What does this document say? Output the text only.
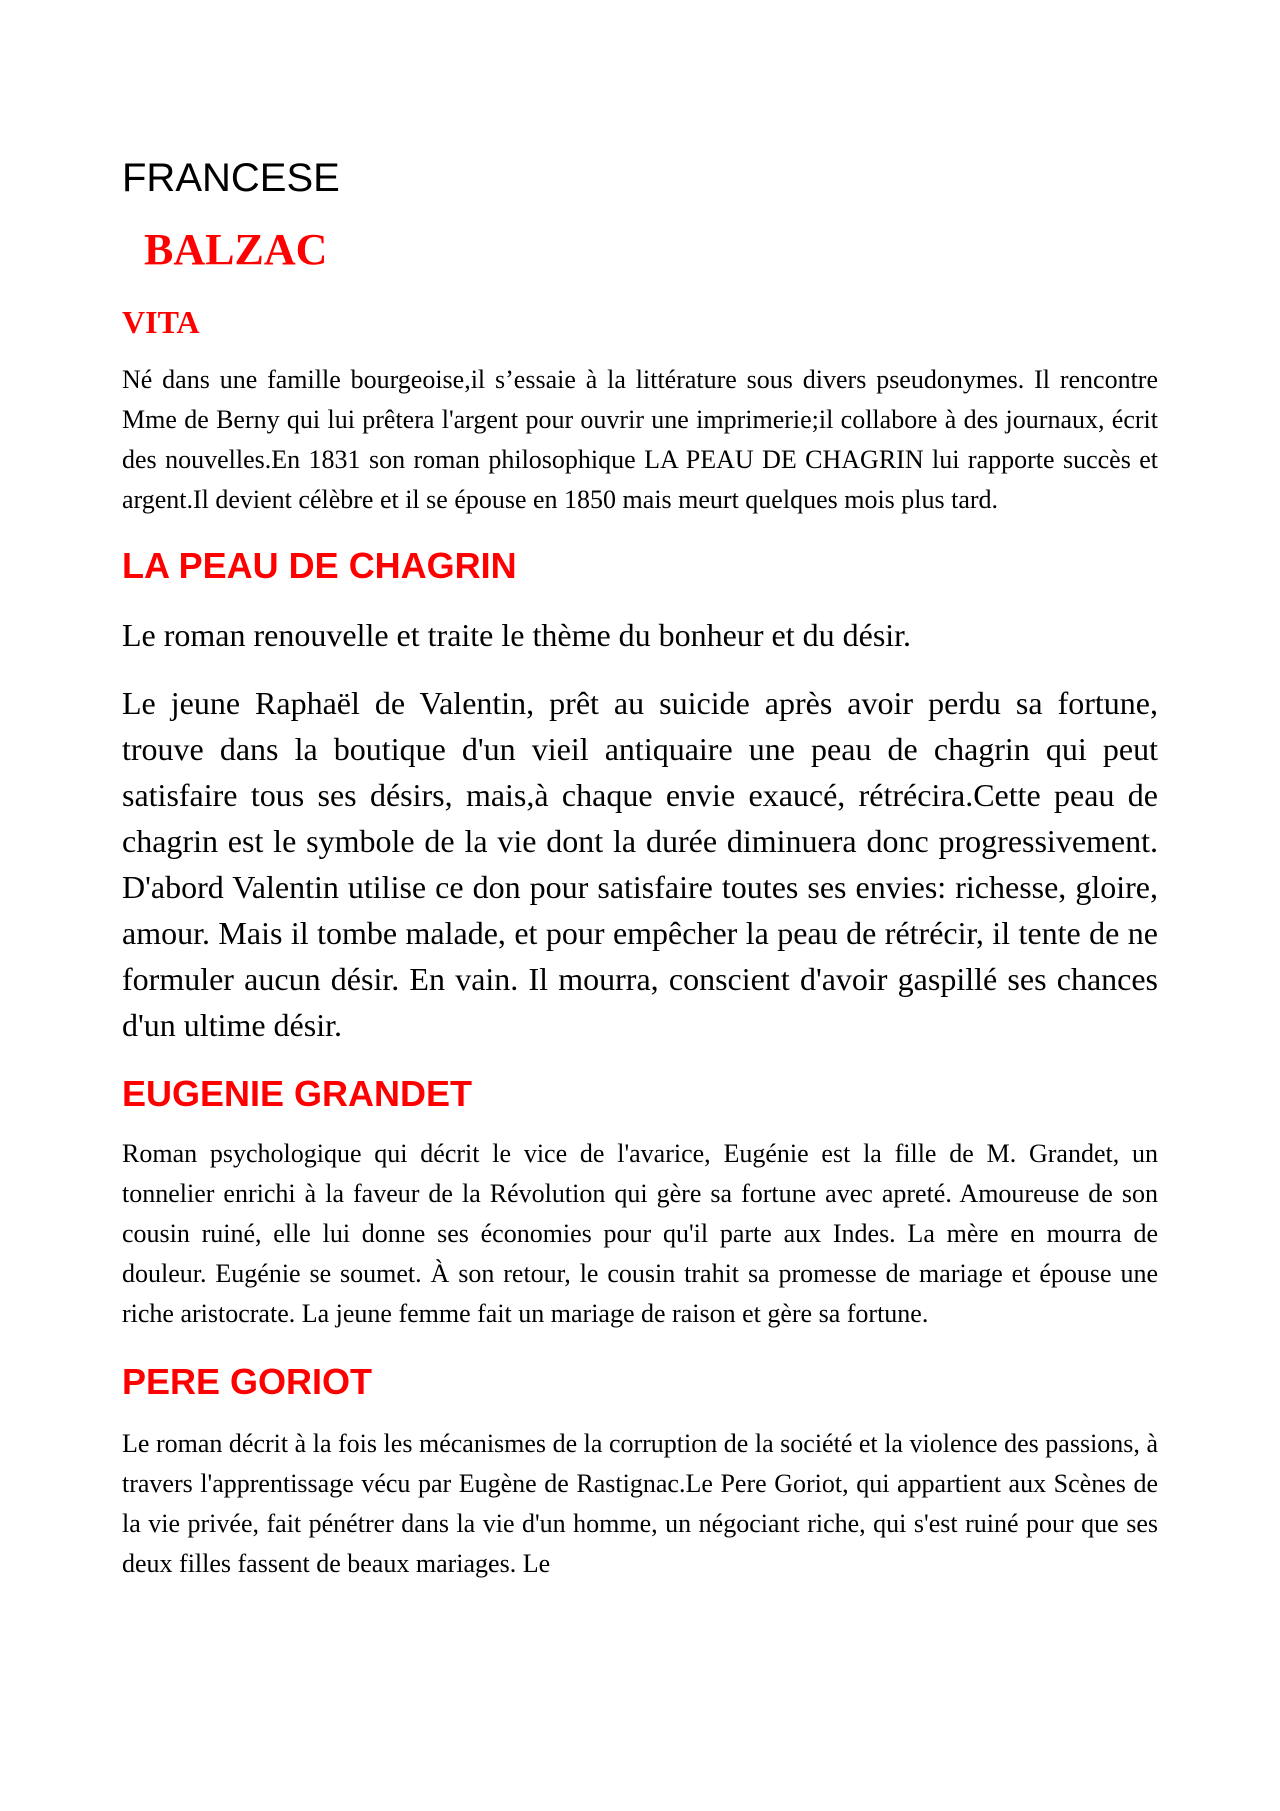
FRANCESE
BALZAC
VITA

Né dans une famille bourgeoise,il s’essaie à la littérature sous divers pseudonymes. Il rencontre Mme de Berny qui lui prêtera l'argent pour ouvrir une imprimerie;il collabore à des journaux, écrit des nouvelles.En 1831 son roman philosophique LA PEAU DE CHAGRIN lui rapporte succès et argent.Il devient célèbre et il se épouse en 1850 mais meurt quelques mois plus tard.

LA PEAU DE CHAGRIN

Le roman renouvelle et traite le thème du bonheur et du désir.

Le jeune Raphaël de Valentin, prêt au suicide après avoir perdu sa fortune, trouve dans la boutique d'un vieil antiquaire une peau de chagrin qui peut satisfaire tous ses désirs, mais,à chaque envie exaucé, rétrécira.Cette peau de chagrin est le symbole de la vie dont la durée diminuera donc progressivement. D'abord Valentin utilise ce don pour satisfaire toutes ses envies: richesse, gloire, amour. Mais il tombe malade, et pour empêcher la peau de rétrécir, il tente de ne formuler aucun désir. En vain. Il mourra, conscient d'avoir gaspillé ses chances d'un ultime désir.

EUGENIE GRANDET

Roman psychologique qui décrit le vice de l'avarice, Eugénie est la fille de M. Grandet, un tonnelier enrichi à la faveur de la Révolution qui gère sa fortune avec apreté. Amoureuse de son cousin ruiné, elle lui donne ses économies pour qu'il parte aux Indes. La mère en mourra de douleur. Eugénie se soumet. À son retour, le cousin trahit sa promesse de mariage et épouse une riche aristocrate. La jeune femme fait un mariage de raison et gère sa fortune.

PERE GORIOT

Le roman décrit à la fois les mécanismes de la corruption de la société et la violence des passions, à travers l'apprentissage vécu par Eugène de Rastignac.Le Pere Goriot, qui appartient aux Scènes de la vie privée, fait pénétrer dans la vie d'un homme, un négociant riche, qui s'est ruiné pour que ses deux filles fassent de beaux mariages. Le
